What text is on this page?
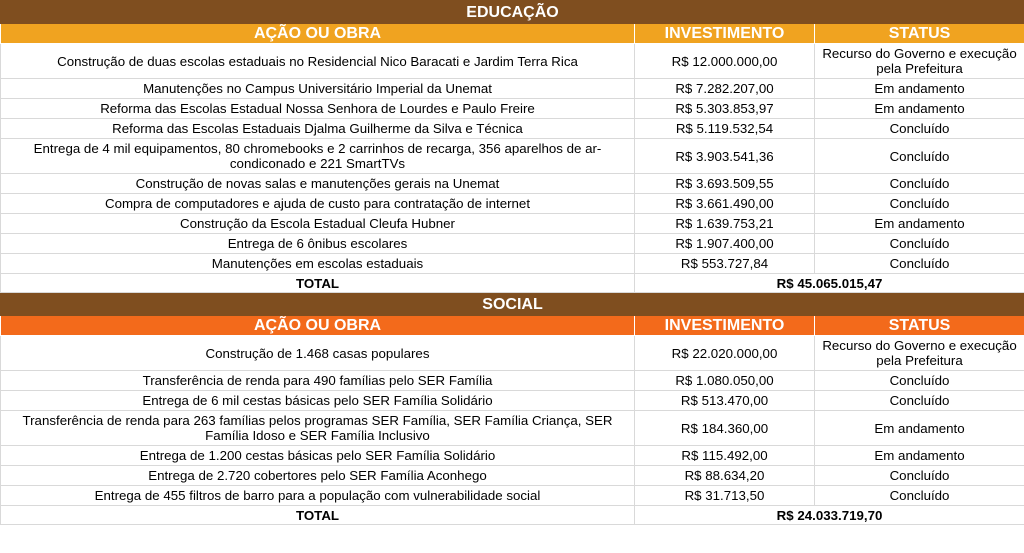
EDUCAÇÃO		
AÇÃO OU OBRA	INVESTIMENTO	STATUS
Construção de duas escolas estaduais no Residencial Nico Baracati e Jardim Terra Rica	R$ 12.000.000,00	Recurso do Governo e execução pela Prefeitura
Manutenções no Campus Universitário Imperial da Unemat	R$ 7.282.207,00	Em andamento
Reforma das Escolas Estadual Nossa Senhora de Lourdes e Paulo Freire	R$ 5.303.853,97	Em andamento
Reforma das Escolas Estaduais Djalma Guilherme da Silva e Técnica	R$ 5.119.532,54	Concluído
Entrega de 4 mil equipamentos, 80 chromebooks e 2 carrinhos de recarga, 356 aparelhos de ar-condiconado e 221 SmartTVs	R$ 3.903.541,36	Concluído
Construção de novas salas e manutenções gerais na Unemat	R$ 3.693.509,55	Concluído
Compra de computadores e ajuda de custo para contratação de internet	R$ 3.661.490,00	Concluído
Construção da Escola Estadual Cleufa Hubner	R$ 1.639.753,21	Em andamento
Entrega de 6 ônibus escolares	R$ 1.907.400,00	Concluído
Manutenções em escolas estaduais	R$ 553.727,84	Concluído
TOTAL	R$ 45.065.015,47	
SOCIAL		
AÇÃO OU OBRA	INVESTIMENTO	STATUS
Construção de 1.468 casas populares	R$ 22.020.000,00	Recurso do Governo e execução pela Prefeitura
Transferência de renda para 490 famílias pelo SER Família	R$ 1.080.050,00	Concluído
Entrega de 6 mil cestas básicas pelo SER Família Solidário	R$ 513.470,00	Concluído
Transferência de renda para 263 famílias pelos programas SER Família, SER Família Criança, SER Família Idoso e SER Família Inclusivo	R$ 184.360,00	Em andamento
Entrega de 1.200 cestas básicas pelo SER Família Solidário	R$ 115.492,00	Em andamento
Entrega de 2.720 cobertores pelo SER Família Aconhego	R$ 88.634,20	Concluído
Entrega de 455 filtros de barro para a população com vulnerabilidade social	R$ 31.713,50	Concluído
TOTAL	R$ 24.033.719,70	
